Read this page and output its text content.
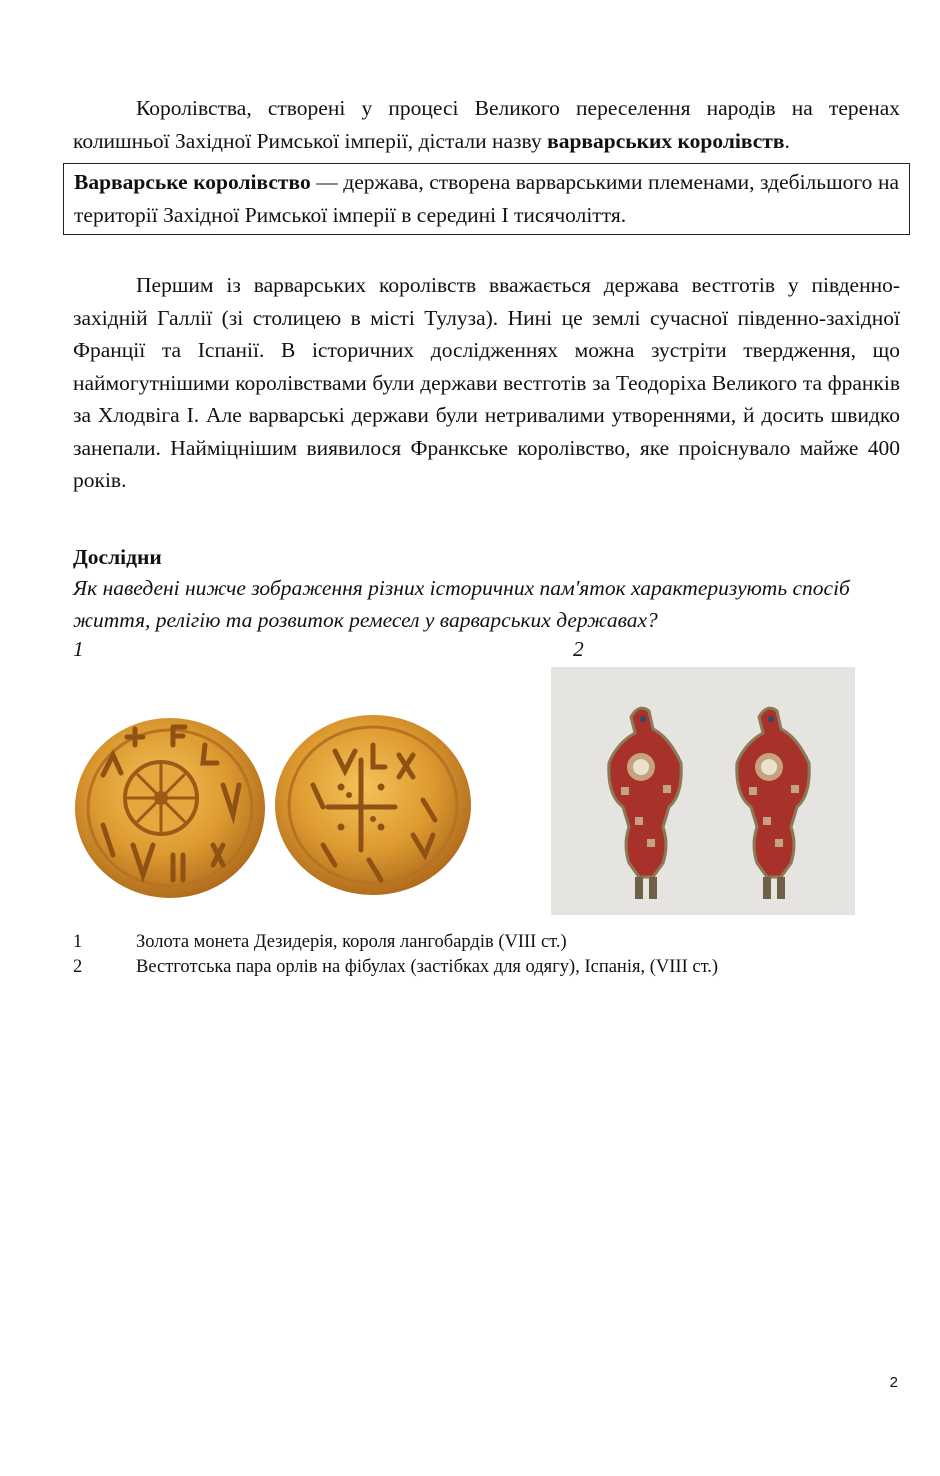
Королівства, створені у процесі Великого переселення народів на теренах колишньої Західної Римської імперії, дістали назву варварських королівств.

Варварське королівство — держава, створена варварськими племенами, здебільшого на території Західної Римської імперії в середині І тисячоліття.

Першим із варварських королівств вважається держава вестготів у південно-західній Галлії (зі столицею в місті Тулуза). Нині це землі сучасної південно-західної Франції та Іспанії. В історичних дослідженнях можна зустріти твердження, що наймогутнішими королівствами були держави вестготів за Теодоріха Великого та франків за Хлодвіга І. Але варварські держави були нетривалими утвореннями, й досить швидко занепали. Найміцнішим виявилося Франкське королівство, яке проіснувало майже 400 років.

Дослідни

Як наведені нижче зображення різних історичних пам'яток характеризують спосіб життя, релігію та розвиток ремесел у варварських державах?

1	2
1	Золота монета Дезидерія, короля лангобардів (VIII ст.)
2	Вестготська пара орлів на фібулах (застібках для одягу), Іспанія, (VIII ст.)
2
